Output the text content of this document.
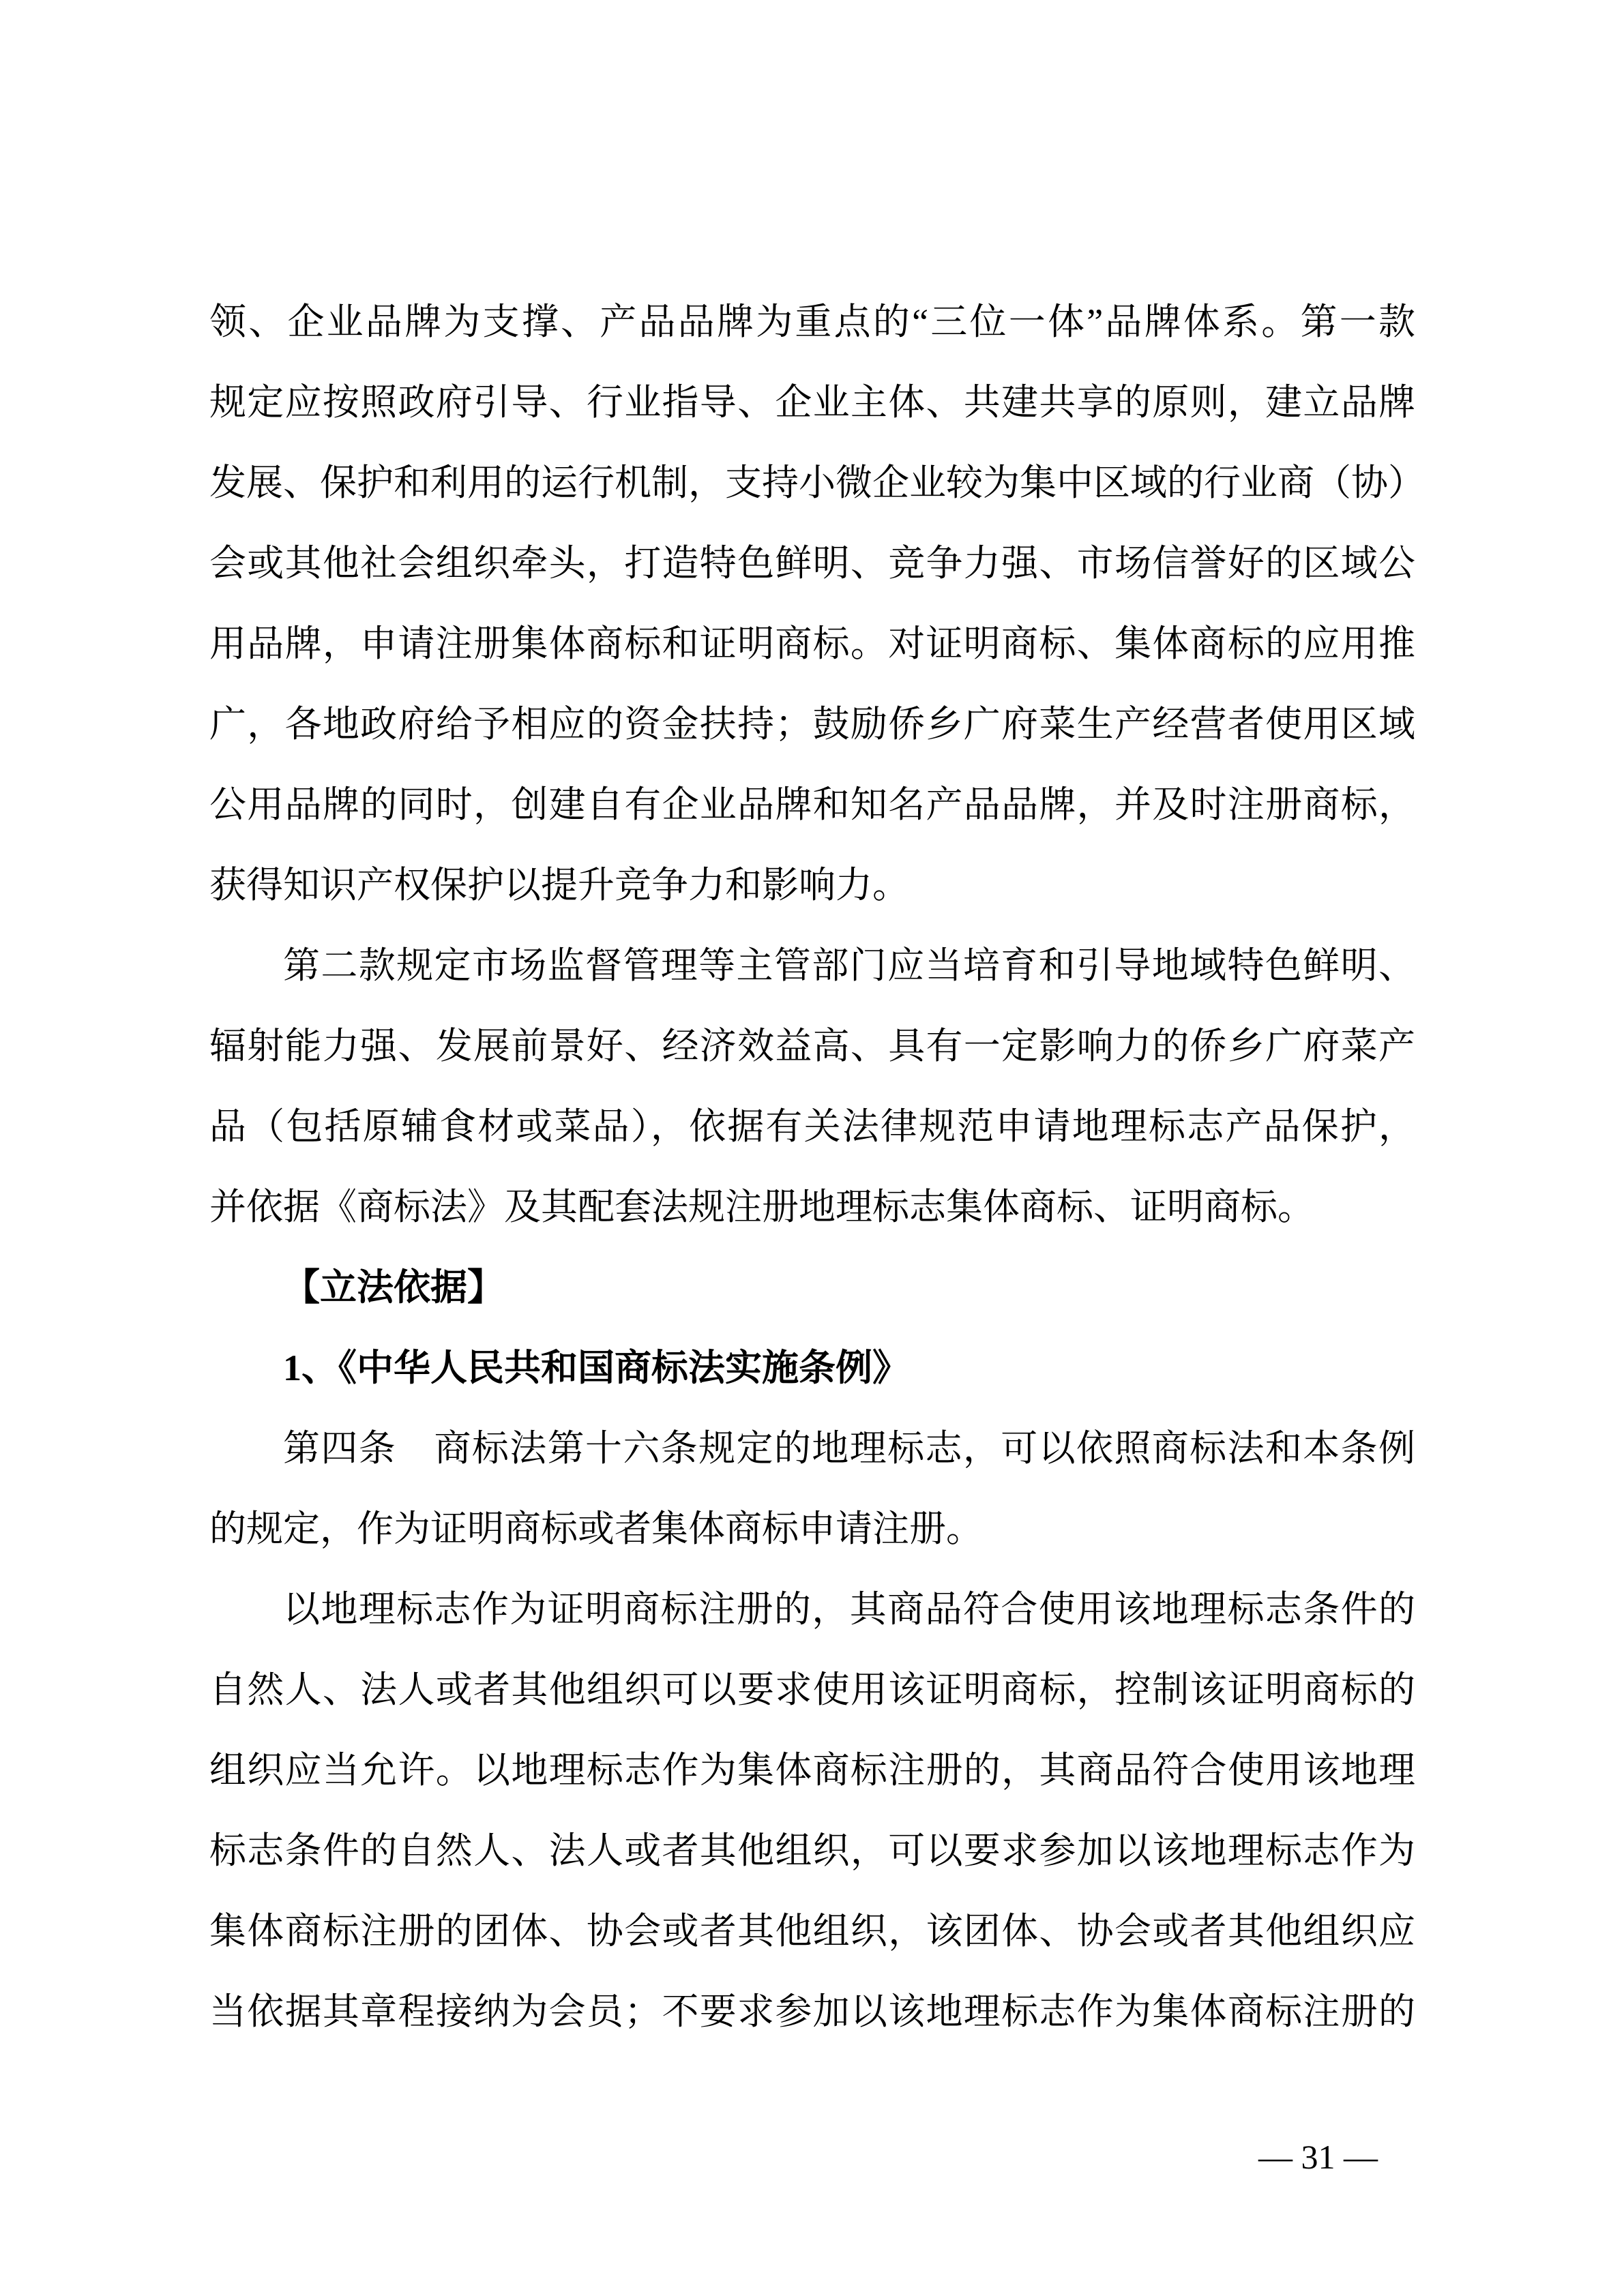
领、企业品牌为支撑、产品品牌为重点的“三位一体”品牌体系。第一款
规定应按照政府引导、行业指导、企业主体、共建共享的原则，建立品牌
发展、保护和利用的运行机制，支持小微企业较为集中区域的行业商（协）
会或其他社会组织牵头，打造特色鲜明、竞争力强、市场信誉好的区域公
用品牌，申请注册集体商标和证明商标。对证明商标、集体商标的应用推
广，各地政府给予相应的资金扶持；鼓励侨乡广府菜生产经营者使用区域
公用品牌的同时，创建自有企业品牌和知名产品品牌，并及时注册商标，
获得知识产权保护以提升竞争力和影响力。
第二款规定市场监督管理等主管部门应当培育和引导地域特色鲜明、
辐射能力强、发展前景好、经济效益高、具有一定影响力的侨乡广府菜产
品（包括原辅食材或菜品），依据有关法律规范申请地理标志产品保护，
并依据《商标法》及其配套法规注册地理标志集体商标、证明商标。
【立法依据】
1、《中华人民共和国商标法实施条例》
第四条　商标法第十六条规定的地理标志，可以依照商标法和本条例
的规定，作为证明商标或者集体商标申请注册。
以地理标志作为证明商标注册的，其商品符合使用该地理标志条件的
自然人、法人或者其他组织可以要求使用该证明商标，控制该证明商标的
组织应当允许。以地理标志作为集体商标注册的，其商品符合使用该地理
标志条件的自然人、法人或者其他组织，可以要求参加以该地理标志作为
集体商标注册的团体、协会或者其他组织，该团体、协会或者其他组织应
当依据其章程接纳为会员；不要求参加以该地理标志作为集体商标注册的
— 31 —
